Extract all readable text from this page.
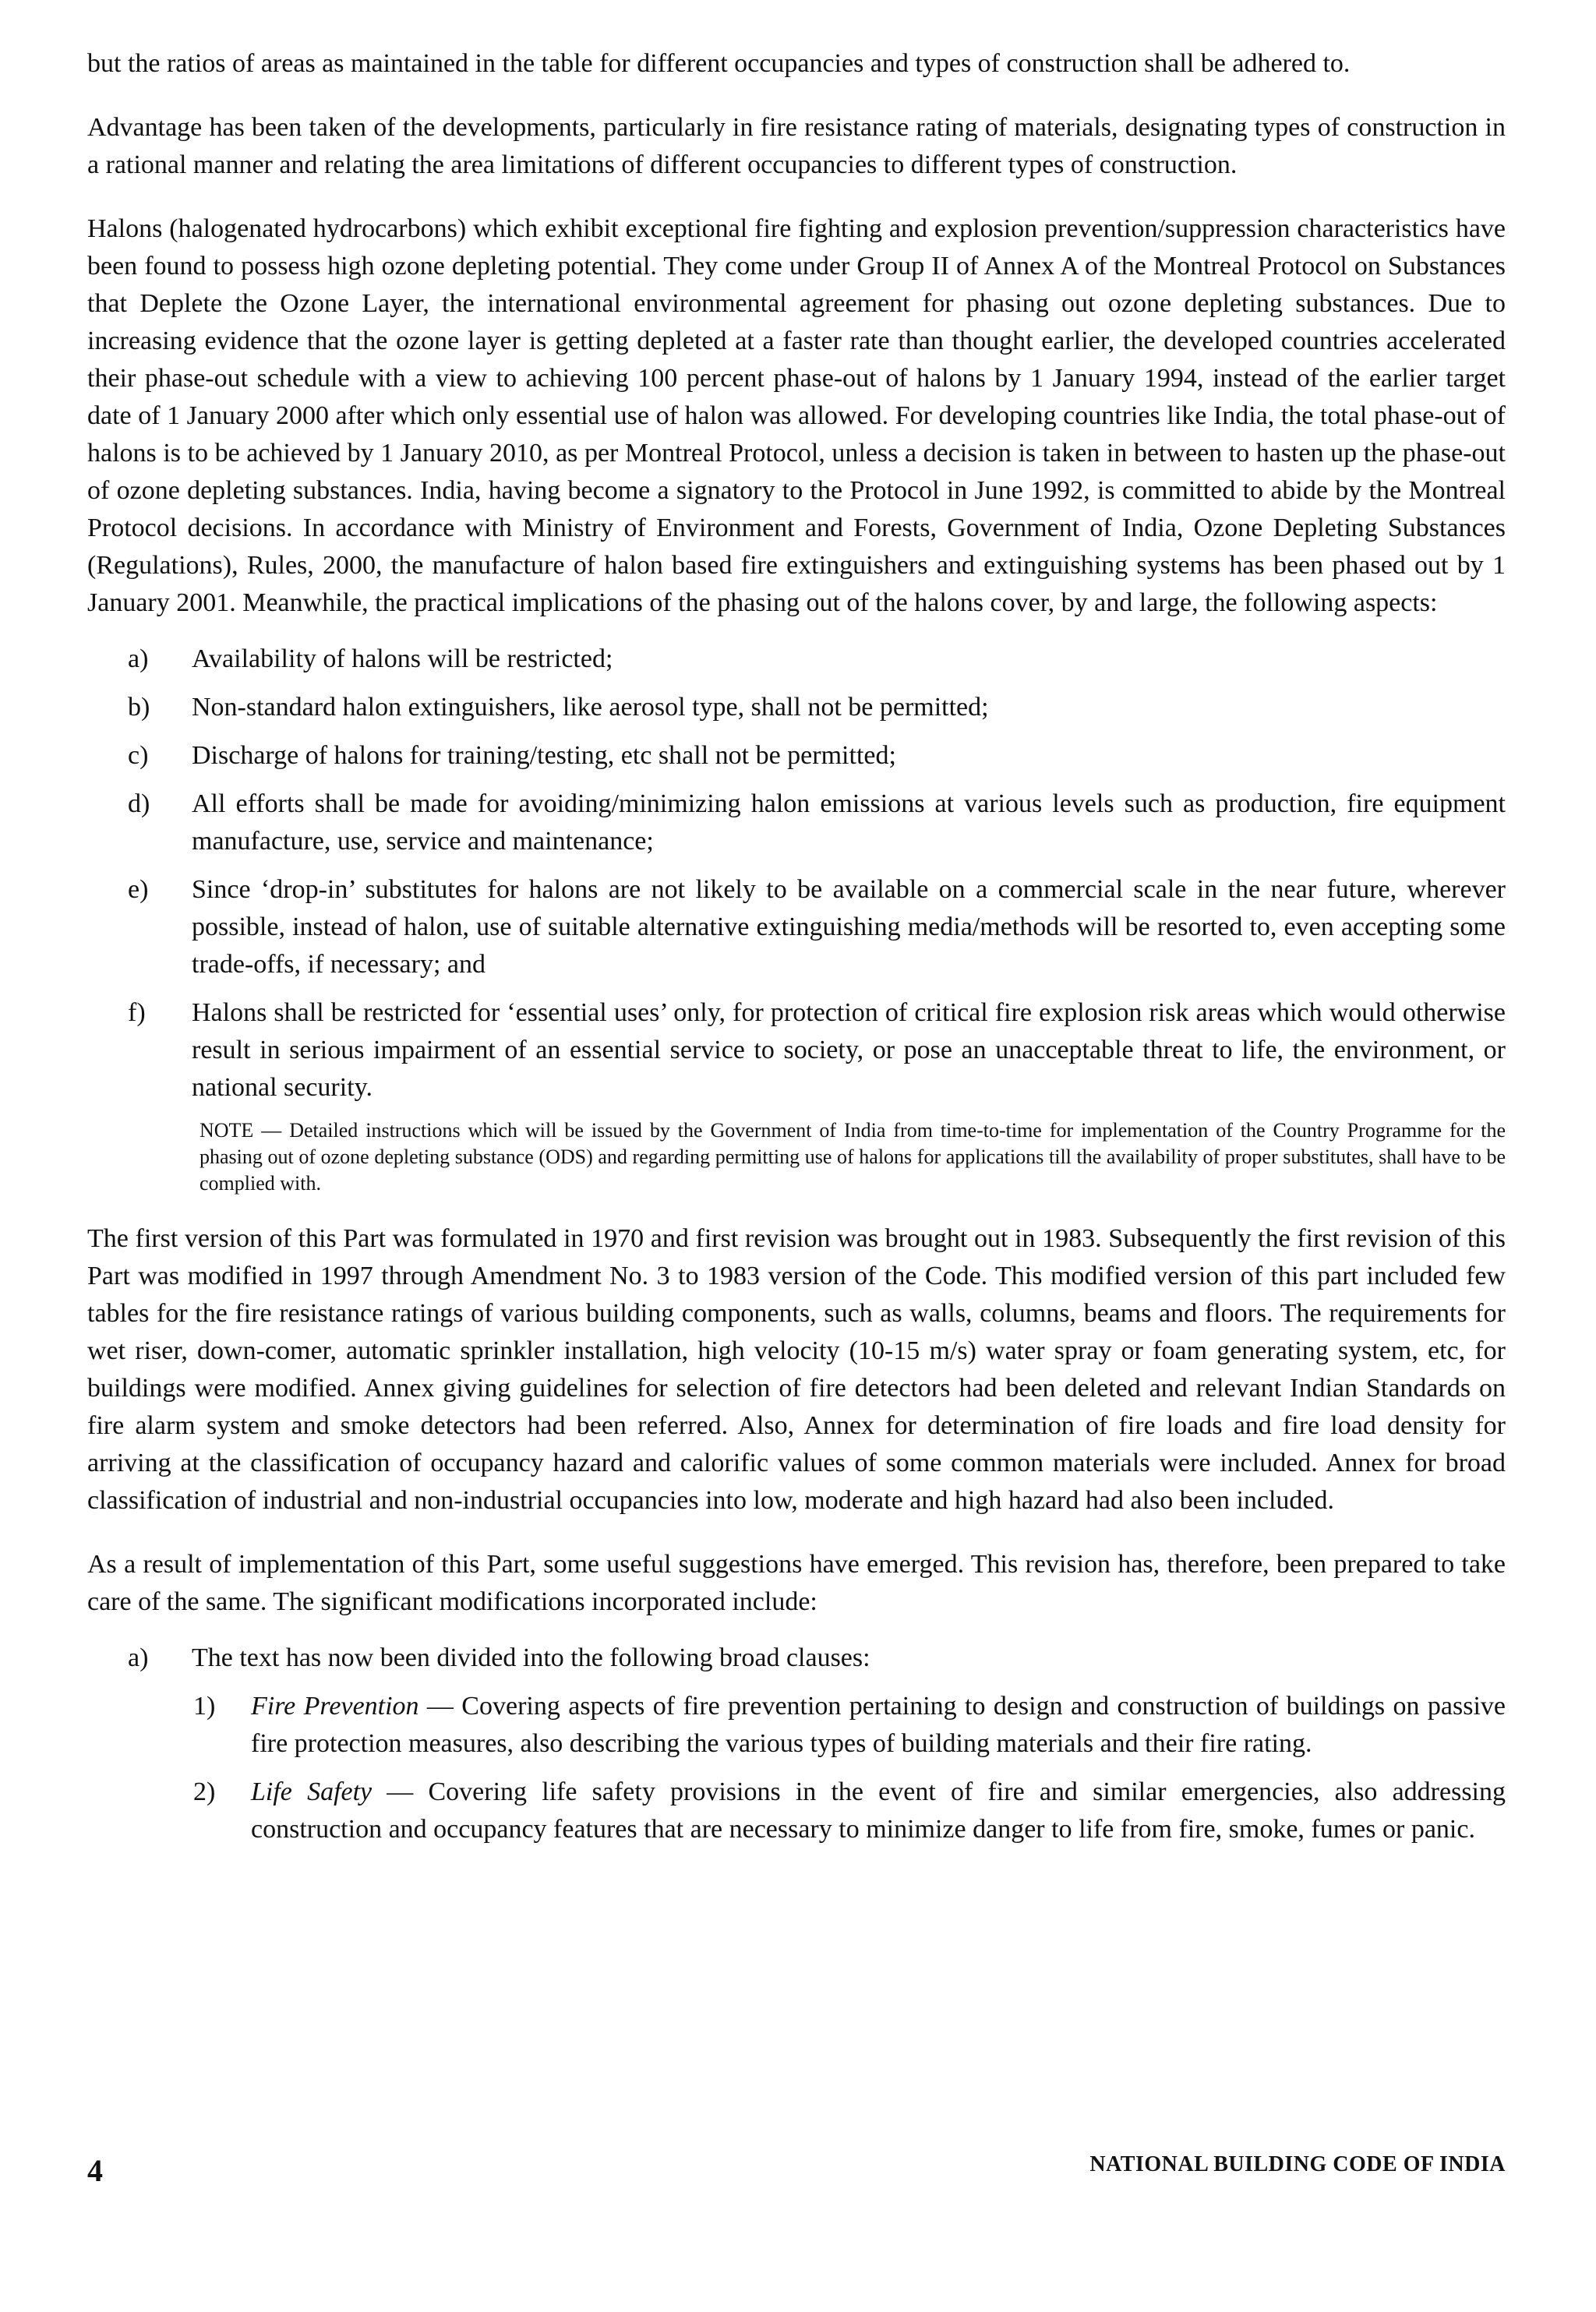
but the ratios of areas as maintained in the table for different occupancies and types of construction shall be adhered to.

Advantage has been taken of the developments, particularly in fire resistance rating of materials, designating types of construction in a rational manner and relating the area limitations of different occupancies to different types of construction.

Halons (halogenated hydrocarbons) which exhibit exceptional fire fighting and explosion prevention/suppression characteristics have been found to possess high ozone depleting potential. They come under Group II of Annex A of the Montreal Protocol on Substances that Deplete the Ozone Layer, the international environmental agreement for phasing out ozone depleting substances. Due to increasing evidence that the ozone layer is getting depleted at a faster rate than thought earlier, the developed countries accelerated their phase-out schedule with a view to achieving 100 percent phase-out of halons by 1 January 1994, instead of the earlier target date of 1 January 2000 after which only essential use of halon was allowed. For developing countries like India, the total phase-out of halons is to be achieved by 1 January 2010, as per Montreal Protocol, unless a decision is taken in between to hasten up the phase-out of ozone depleting substances. India, having become a signatory to the Protocol in June 1992, is committed to abide by the Montreal Protocol decisions. In accordance with Ministry of Environment and Forests, Government of India, Ozone Depleting Substances (Regulations), Rules, 2000, the manufacture of halon based fire extinguishers and extinguishing systems has been phased out by 1 January 2001. Meanwhile, the practical implications of the phasing out of the halons cover, by and large, the following aspects:

a)	Availability of halons will be restricted;
b)	Non-standard halon extinguishers, like aerosol type, shall not be permitted;
c)	Discharge of halons for training/testing, etc shall not be permitted;
d)	All efforts shall be made for avoiding/minimizing halon emissions at various levels such as production, fire equipment manufacture, use, service and maintenance;
e)	Since ‘drop-in’ substitutes for halons are not likely to be available on a commercial scale in the near future, wherever possible, instead of halon, use of suitable alternative extinguishing media/methods will be resorted to, even accepting some trade-offs, if necessary; and
f)	Halons shall be restricted for ‘essential uses’ only, for protection of critical fire explosion risk areas which would otherwise result in serious impairment of an essential service to society, or pose an unacceptable threat to life, the environment, or national security.
NOTE — Detailed instructions which will be issued by the Government of India from time-to-time for implementation of the Country Programme for the phasing out of ozone depleting substance (ODS) and regarding permitting use of halons for applications till the availability of proper substitutes, shall have to be complied with.

The first version of this Part was formulated in 1970 and first revision was brought out in 1983. Subsequently the first revision of this Part was modified in 1997 through Amendment No. 3 to 1983 version of the Code. This modified version of this part included few tables for the fire resistance ratings of various building components, such as walls, columns, beams and floors. The requirements for wet riser, down-comer, automatic sprinkler installation, high velocity (10-15 m/s) water spray or foam generating system, etc, for buildings were modified. Annex giving guidelines for selection of fire detectors had been deleted and relevant Indian Standards on fire alarm system and smoke detectors had been referred. Also, Annex for determination of fire loads and fire load density for arriving at the classification of occupancy hazard and calorific values of some common materials were included. Annex for broad classification of industrial and non-industrial occupancies into low, moderate and high hazard had also been included.

As a result of implementation of this Part, some useful suggestions have emerged. This revision has, therefore, been prepared to take care of the same. The significant modifications incorporated include:

a)	The text has now been divided into the following broad clauses:
1)	Fire Prevention — Covering aspects of fire prevention pertaining to design and construction of buildings on passive fire protection measures, also describing the various types of building materials and their fire rating.
2)	Life Safety — Covering life safety provisions in the event of fire and similar emergencies, also addressing construction and occupancy features that are necessary to minimize danger to life from fire, smoke, fumes or panic.
4	NATIONAL BUILDING CODE OF INDIA
